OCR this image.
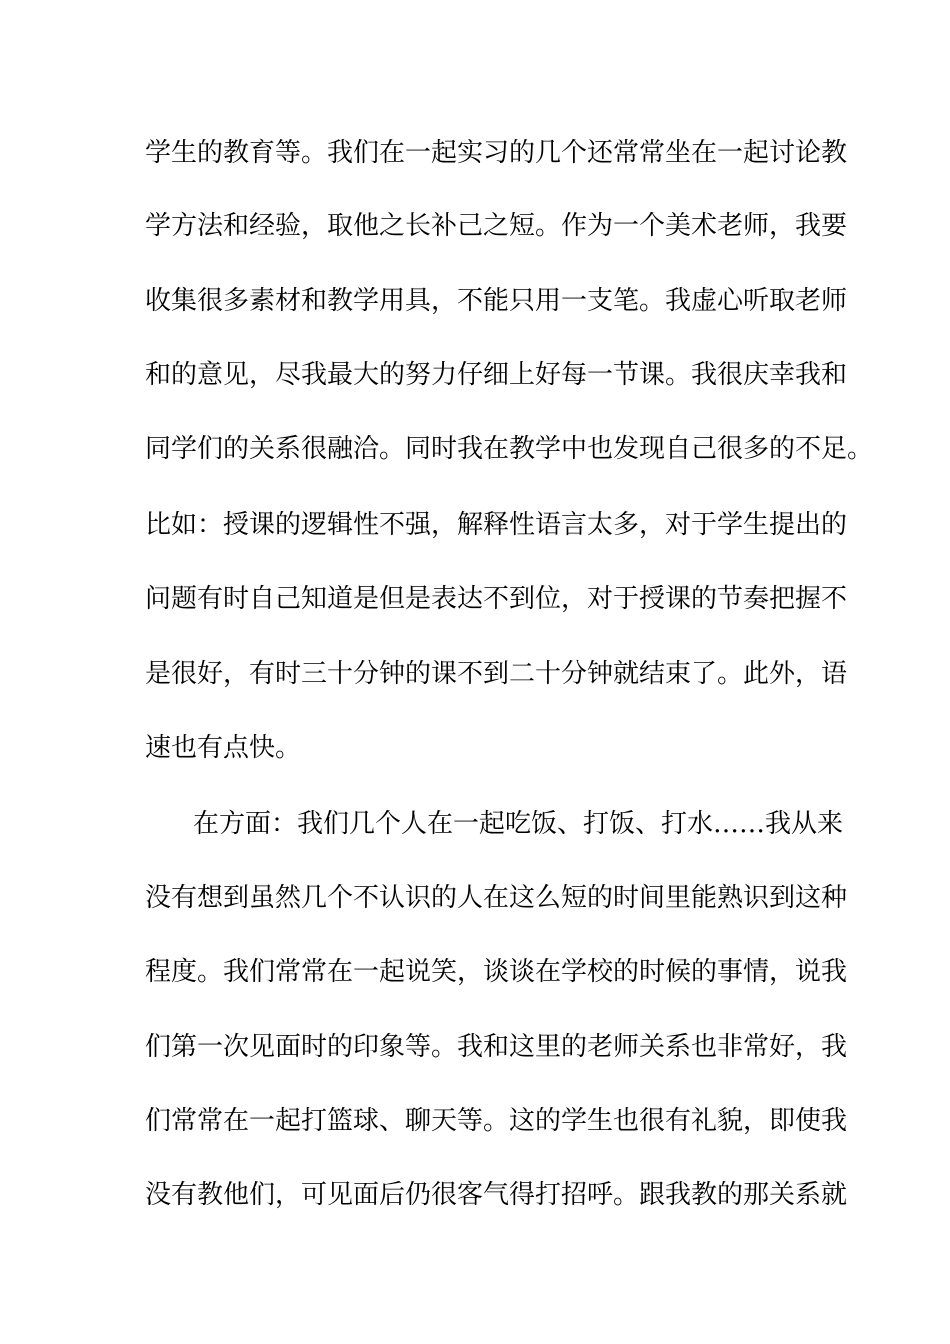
学生的教育等。我们在一起实习的几个还常常坐在一起讨论教
学方法和经验，取他之长补己之短。作为一个美术老师，我要
收集很多素材和教学用具，不能只用一支笔。我虚心听取老师
和的意见，尽我最大的努力仔细上好每一节课。我很庆幸我和
同学们的关系很融洽。同时我在教学中也发现自己很多的不足。
比如：授课的逻辑性不强，解释性语言太多，对于学生提出的
问题有时自己知道是但是表达不到位，对于授课的节奏把握不
是很好，有时三十分钟的课不到二十分钟就结束了。此外，语
速也有点快。
在方面：我们几个人在一起吃饭、打饭、打水……我从来
没有想到虽然几个不认识的人在这么短的时间里能熟识到这种
程度。我们常常在一起说笑，谈谈在学校的时候的事情，说我
们第一次见面时的印象等。我和这里的老师关系也非常好，我
们常常在一起打篮球、聊天等。这的学生也很有礼貌，即使我
没有教他们，可见面后仍很客气得打招呼。跟我教的那关系就
